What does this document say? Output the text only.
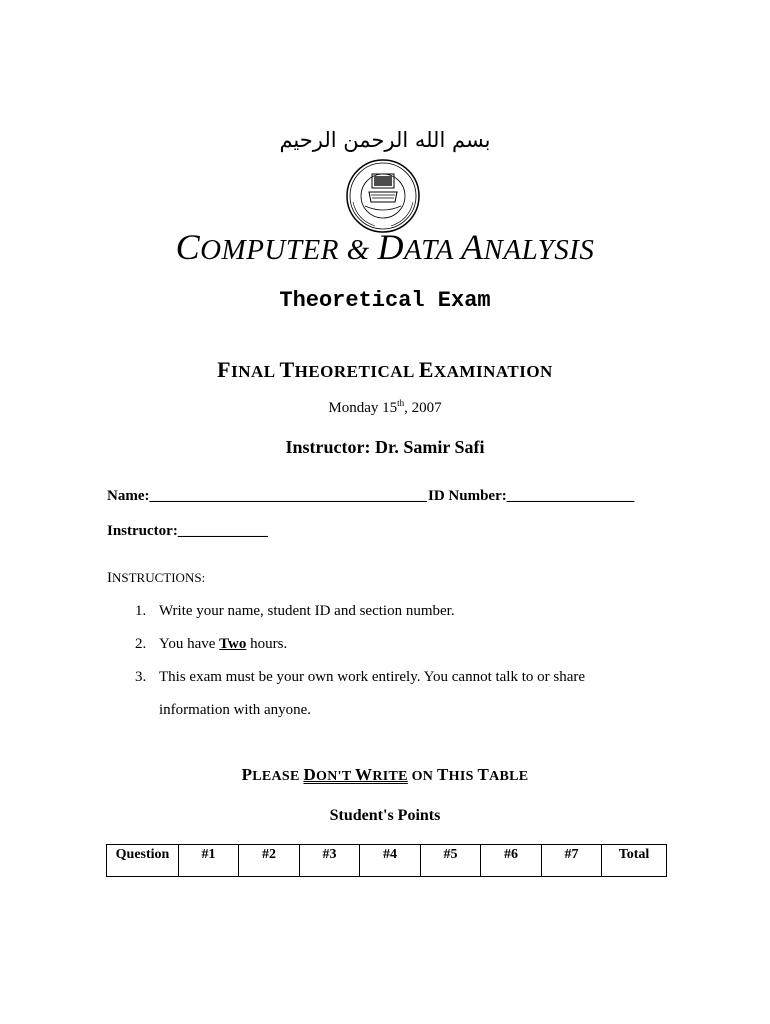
بسم الله الرحمن الرحيم
COMPUTER & DATA ANALYSIS
Theoretical Exam
FINAL THEORETICAL EXAMINATION
Monday 15th, 2007
Instructor: Dr. Samir Safi
Name:_____________________________________ ID Number:_________________
Instructor:____________
INSTRUCTIONS:
1. Write your name, student ID and section number.
2. You have Two hours.
3. This exam must be your own work entirely. You cannot talk to or share
information with anyone.
PLEASE DON'T WRITE ON THIS TABLE
Student's Points
Question	#1	#2	#3	#4	#5	#6	#7	Total
